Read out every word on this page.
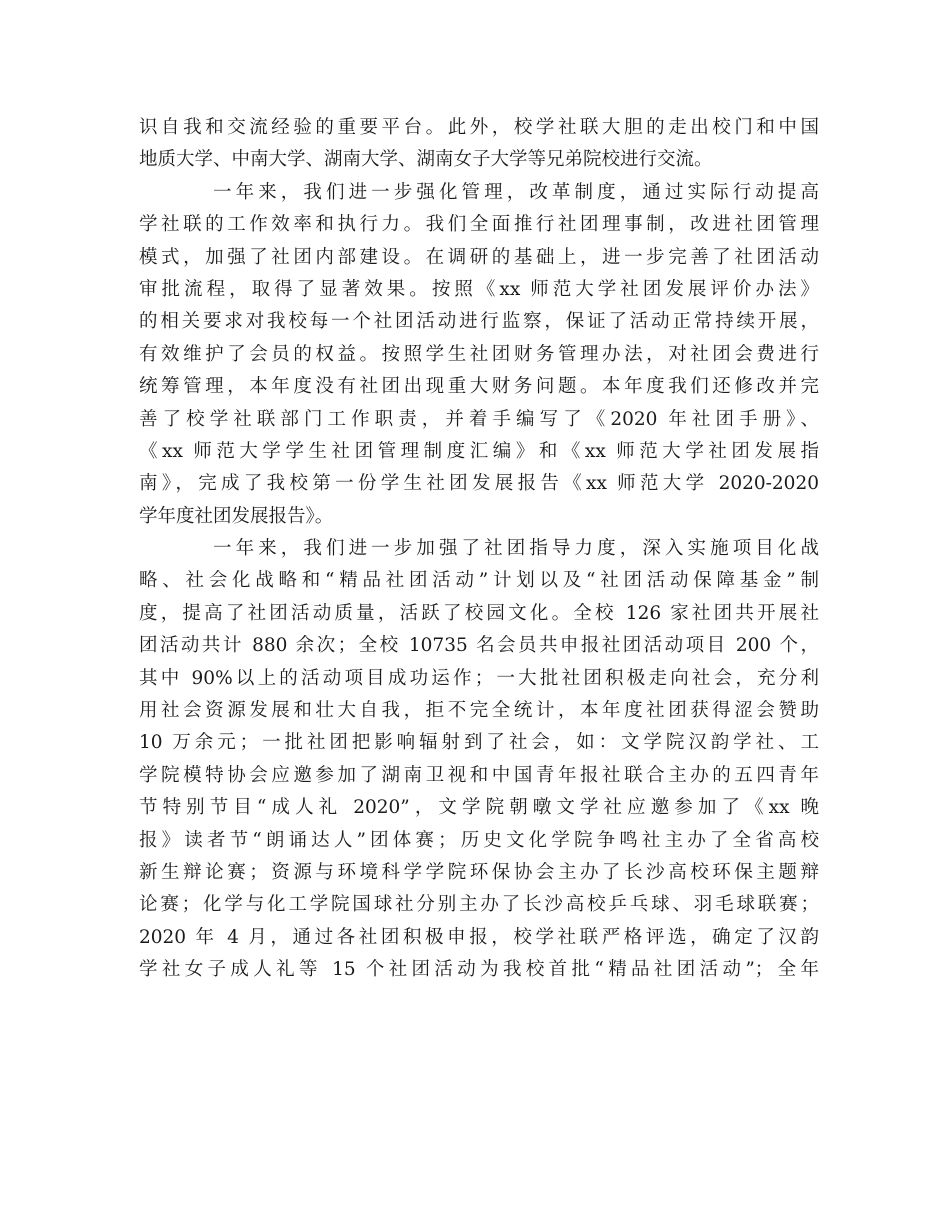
识自我和交流经验的重要平台。此外，校学社联大胆的走出校门和中国
地质大学、中南大学、湖南大学、湖南女子大学等兄弟院校进行交流。
一年来，我们进一步强化管理，改革制度，通过实际行动提高
学社联的工作效率和执行力。我们全面推行社团理事制，改进社团管理
模式，加强了社团内部建设。在调研的基础上，进一步完善了社团活动
审批流程，取得了显著效果。按照《xx 师范大学社团发展评价办法》
的相关要求对我校每一个社团活动进行监察，保证了活动正常持续开展，
有效维护了会员的权益。按照学生社团财务管理办法，对社团会费进行
统筹管理，本年度没有社团出现重大财务问题。本年度我们还修改并完
善了校学社联部门工作职责，并着手编写了《2020 年社团手册》、
《xx 师范大学学生社团管理制度汇编》和《xx 师范大学社团发展指
南》，完成了我校第一份学生社团发展报告《xx 师范大学 2020-2020
学年度社团发展报告》。
一年来，我们进一步加强了社团指导力度，深入实施项目化战
略、社会化战略和“精品社团活动”计划以及“社团活动保障基金”制
度，提高了社团活动质量，活跃了校园文化。全校 126 家社团共开展社
团活动共计 880 余次；全校 10735 名会员共申报社团活动项目 200 个，
其中 90%以上的活动项目成功运作；一大批社团积极走向社会，充分利
用社会资源发展和壮大自我，拒不完全统计，本年度社团获得涩会赞助
10 万余元；一批社团把影响辐射到了社会，如：文学院汉韵学社、工
学院模特协会应邀参加了湖南卫视和中国青年报社联合主办的五四青年
节特别节目“成人礼 2020”，文学院朝暾文学社应邀参加了《xx 晚
报》读者节“朗诵达人”团体赛；历史文化学院争鸣社主办了全省高校
新生辩论赛；资源与环境科学学院环保协会主办了长沙高校环保主题辩
论赛；化学与化工学院国球社分别主办了长沙高校乒乓球、羽毛球联赛；
2020 年 4 月，通过各社团积极申报，校学社联严格评选，确定了汉韵
学社女子成人礼等 15 个社团活动为我校首批“精品社团活动”；全年
